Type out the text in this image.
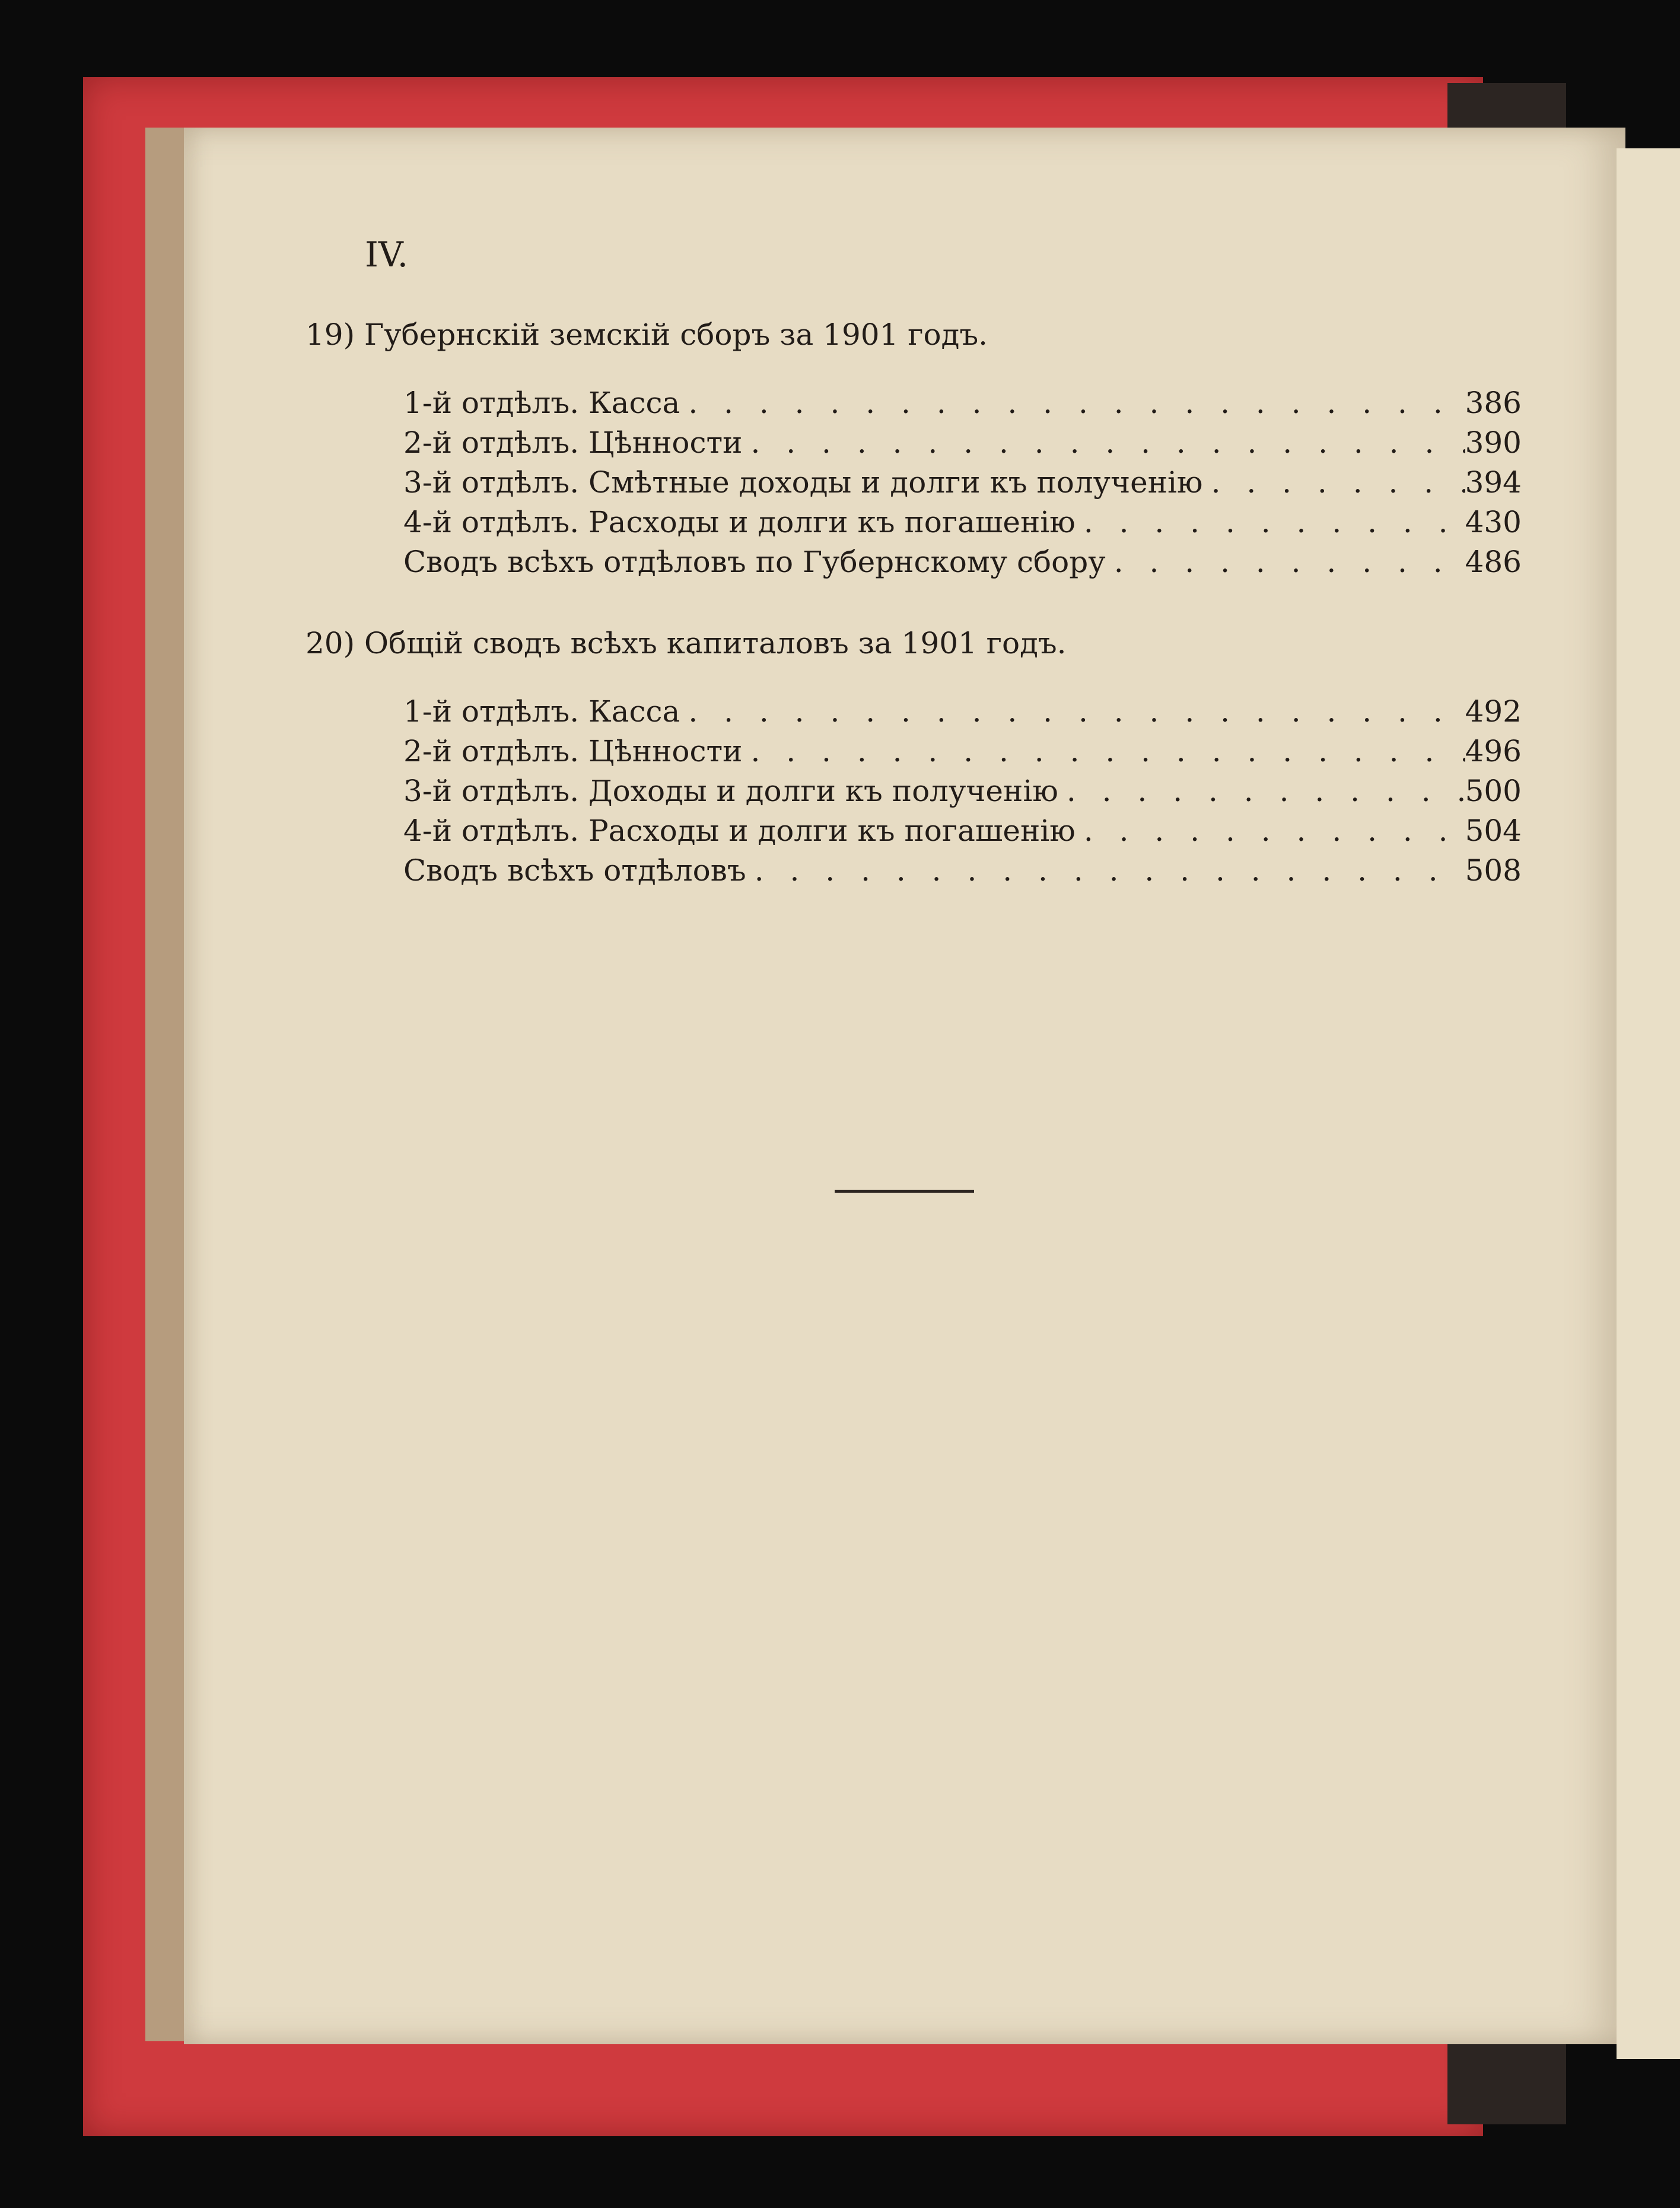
IV.
19) Губернскій земскій сборъ за 1901 годъ.
1-й отдѣлъ. Касса . . .	386
2-й отдѣлъ. Цѣнности . . .	390
3-й отдѣлъ. Смѣтные доходы и долги къ полученію . . .	394
4-й отдѣлъ. Расходы и долги къ погашенію . . .	430
Сводъ всѣхъ отдѣловъ по Губернскому сбору . . .	486
20) Общій сводъ всѣхъ капиталовъ за 1901 годъ.
1-й отдѣлъ. Касса . . .	492
2-й отдѣлъ. Цѣнности . . .	496
3-й отдѣлъ. Доходы и долги къ полученію . . .	500
4-й отдѣлъ. Расходы и долги къ погашенію . . .	504
Сводъ всѣхъ отдѣловъ . . .	508
